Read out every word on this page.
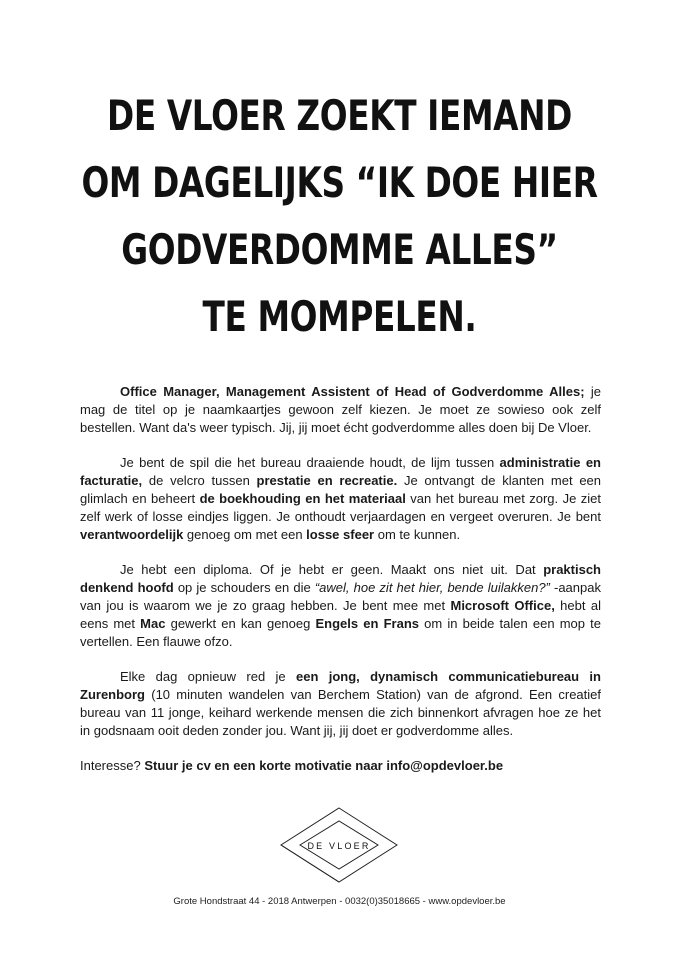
DE VLOER ZOEKT IEMAND
OM DAGELIJKS “IK DOE HIER
GODVERDOMME ALLES”
TE MOMPELEN.

Office Manager, Management Assistent of Head of Godverdomme Alles; je mag de titel op je naamkaartjes gewoon zelf kiezen. Je moet ze sowieso ook zelf bestellen. Want da's weer typisch. Jij, jij moet écht godverdomme alles doen bij De Vloer.

Je bent de spil die het bureau draaiende houdt, de lijm tussen administratie en facturatie, de velcro tussen prestatie en recreatie. Je ontvangt de klanten met een glimlach en beheert de boekhouding en het materiaal van het bureau met zorg. Je ziet zelf werk of losse eindjes liggen. Je onthoudt verjaardagen en vergeet overuren. Je bent verantwoordelijk genoeg om met een losse sfeer om te kunnen.

Je hebt een diploma. Of je hebt er geen. Maakt ons niet uit. Dat praktisch denkend hoofd op je schouders en die “awel, hoe zit het hier, bende luilakken?” -aanpak van jou is waarom we je zo graag hebben. Je bent mee met Microsoft Office, hebt al eens met Mac gewerkt en kan genoeg Engels en Frans om in beide talen een mop te vertellen. Een flauwe ofzo.

Elke dag opnieuw red je een jong, dynamisch communicatiebureau in Zurenborg (10 minuten wandelen van Berchem Station) van de afgrond. Een creatief bureau van 11 jonge, keihard werkende mensen die zich binnenkort afvragen hoe ze het in godsnaam ooit deden zonder jou. Want jij, jij doet er godverdomme alles.

Interesse? Stuur je cv en een korte motivatie naar info@opdevloer.be

DE VLOER
Grote Hondstraat 44 - 2018 Antwerpen - 0032(0)35018665 - www.opdevloer.be
